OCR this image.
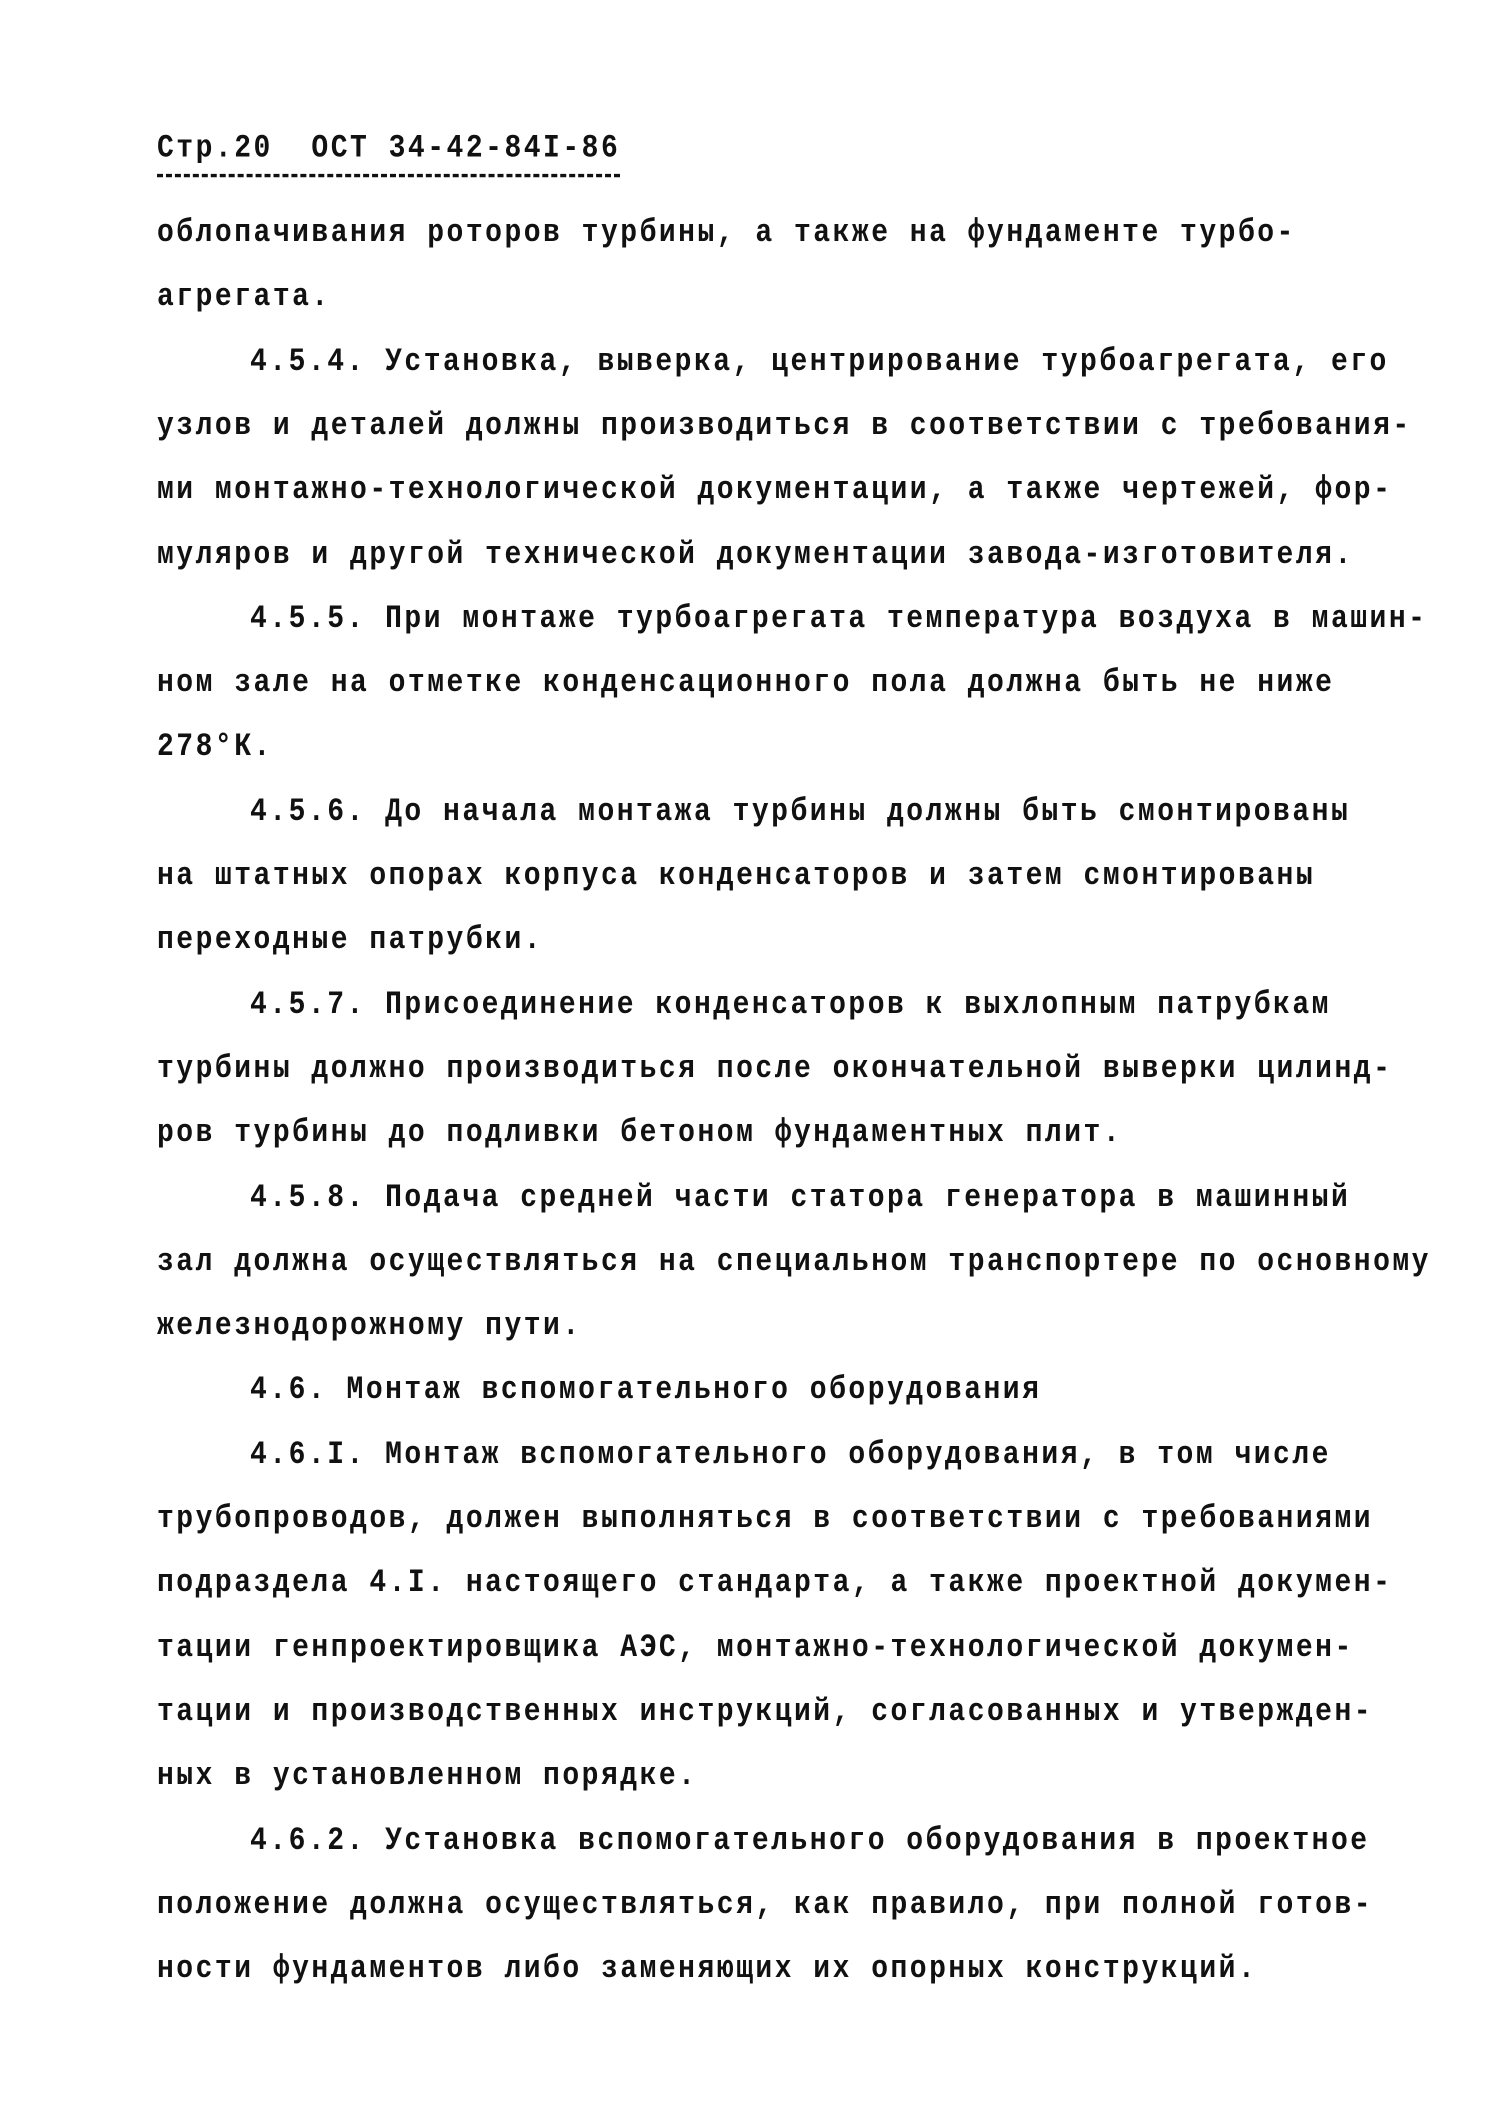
Стр.20  ОСТ 34-42-84I-86
облопачивания роторов турбины, а также на фундаменте турбо-
агрегата.
4.5.4. Установка, выверка, центрирование турбоагрегата, его
узлов и деталей должны производиться в соответствии с требования-
ми монтажно-технологической документации, а также чертежей, фор-
муляров и другой технической документации завода-изготовителя.
4.5.5. При монтаже турбоагрегата температура воздуха в машин-
ном зале на отметке конденсационного пола должна быть не ниже
278°К.
4.5.6. До начала монтажа турбины должны быть смонтированы
на штатных опорах корпуса конденсаторов и затем смонтированы
переходные патрубки.
4.5.7. Присоединение конденсаторов к выхлопным патрубкам
турбины должно производиться после окончательной выверки цилинд-
ров турбины до подливки бетоном фундаментных плит.
4.5.8. Подача средней части статора генератора в машинный
зал должна осуществляться на специальном транспортере по основному
железнодорожному пути.
4.6. Монтаж вспомогательного оборудования
4.6.I. Монтаж вспомогательного оборудования, в том числе
трубопроводов, должен выполняться в соответствии с требованиями
подраздела 4.I. настоящего стандарта, а также проектной докумен-
тации генпроектировщика АЭС, монтажно-технологической докумен-
тации и производственных инструкций, согласованных и утвержден-
ных в установленном порядке.
4.6.2. Установка вспомогательного оборудования в проектное
положение должна осуществляться, как правило, при полной готов-
ности фундаментов либо заменяющих их опорных конструкций.
